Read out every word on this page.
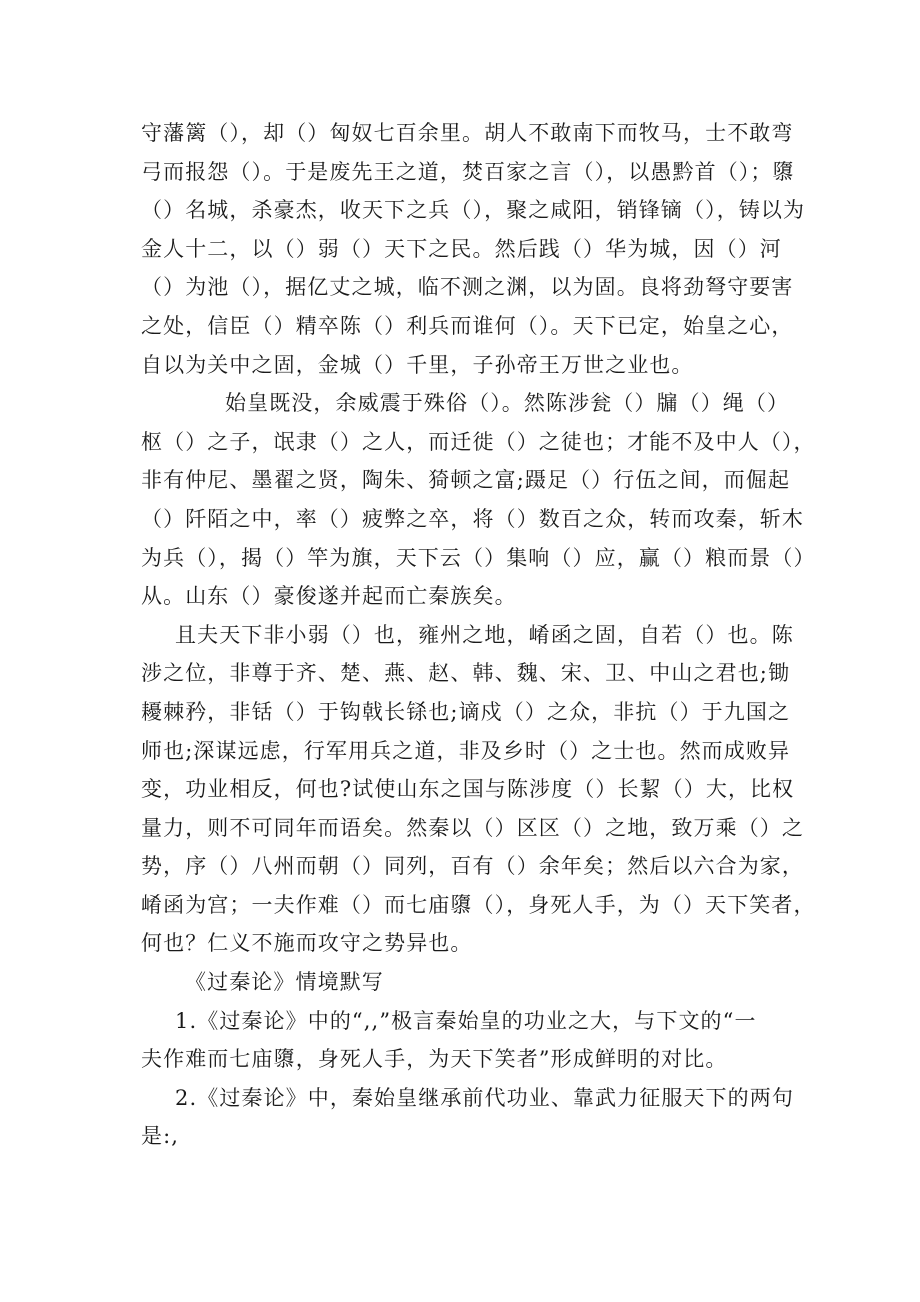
守藩篱（），却（）匈奴七百余里。胡人不敢南下而牧马，士不敢弯
弓而报怨（）。于是废先王之道，焚百家之言（），以愚黔首（）；隳
（）名城，杀豪杰，收天下之兵（），聚之咸阳，销锋镝（），铸以为
金人十二，以（）弱（）天下之民。然后践（）华为城，因（）河
（）为池（），据亿丈之城，临不测之渊，以为固。良将劲弩守要害
之处，信臣（）精卒陈（）利兵而谁何（）。天下已定，始皇之心，
自以为关中之固，金城（）千里，子孙帝王万世之业也。
始皇既没，余威震于殊俗（）。然陈涉瓮（）牖（）绳（）
枢（）之子，氓隶（）之人，而迁徙（）之徒也；才能不及中人（），
非有仲尼、墨翟之贤，陶朱、猗顿之富;蹑足（）行伍之间，而倔起
（）阡陌之中，率（）疲弊之卒，将（）数百之众，转而攻秦，斩木
为兵（），揭（）竿为旗，天下云（）集响（）应，赢（）粮而景（）
从。山东（）豪俊遂并起而亡秦族矣。
且夫天下非小弱（）也，雍州之地，崤函之固，自若（）也。陈
涉之位，非尊于齐、楚、燕、赵、韩、魏、宋、卫、中山之君也;锄
耰棘矜，非铦（）于钩戟长铩也;谪戍（）之众，非抗（）于九国之
师也;深谋远虑，行军用兵之道，非及乡时（）之士也。然而成败异
变，功业相反，何也?试使山东之国与陈涉度（）长絜（）大，比权
量力，则不可同年而语矣。然秦以（）区区（）之地，致万乘（）之
势，序（）八州而朝（）同列，百有（）余年矣；然后以六合为家，
崤函为宫；一夫作难（）而七庙隳（），身死人手，为（）天下笑者，
何也？仁义不施而攻守之势异也。
《过秦论》情境默写
1.《过秦论》中的“,,”极言秦始皇的功业之大，与下文的“一
夫作难而七庙隳，身死人手，为天下笑者”形成鲜明的对比。
2.《过秦论》中，秦始皇继承前代功业、靠武力征服天下的两句
是:,
